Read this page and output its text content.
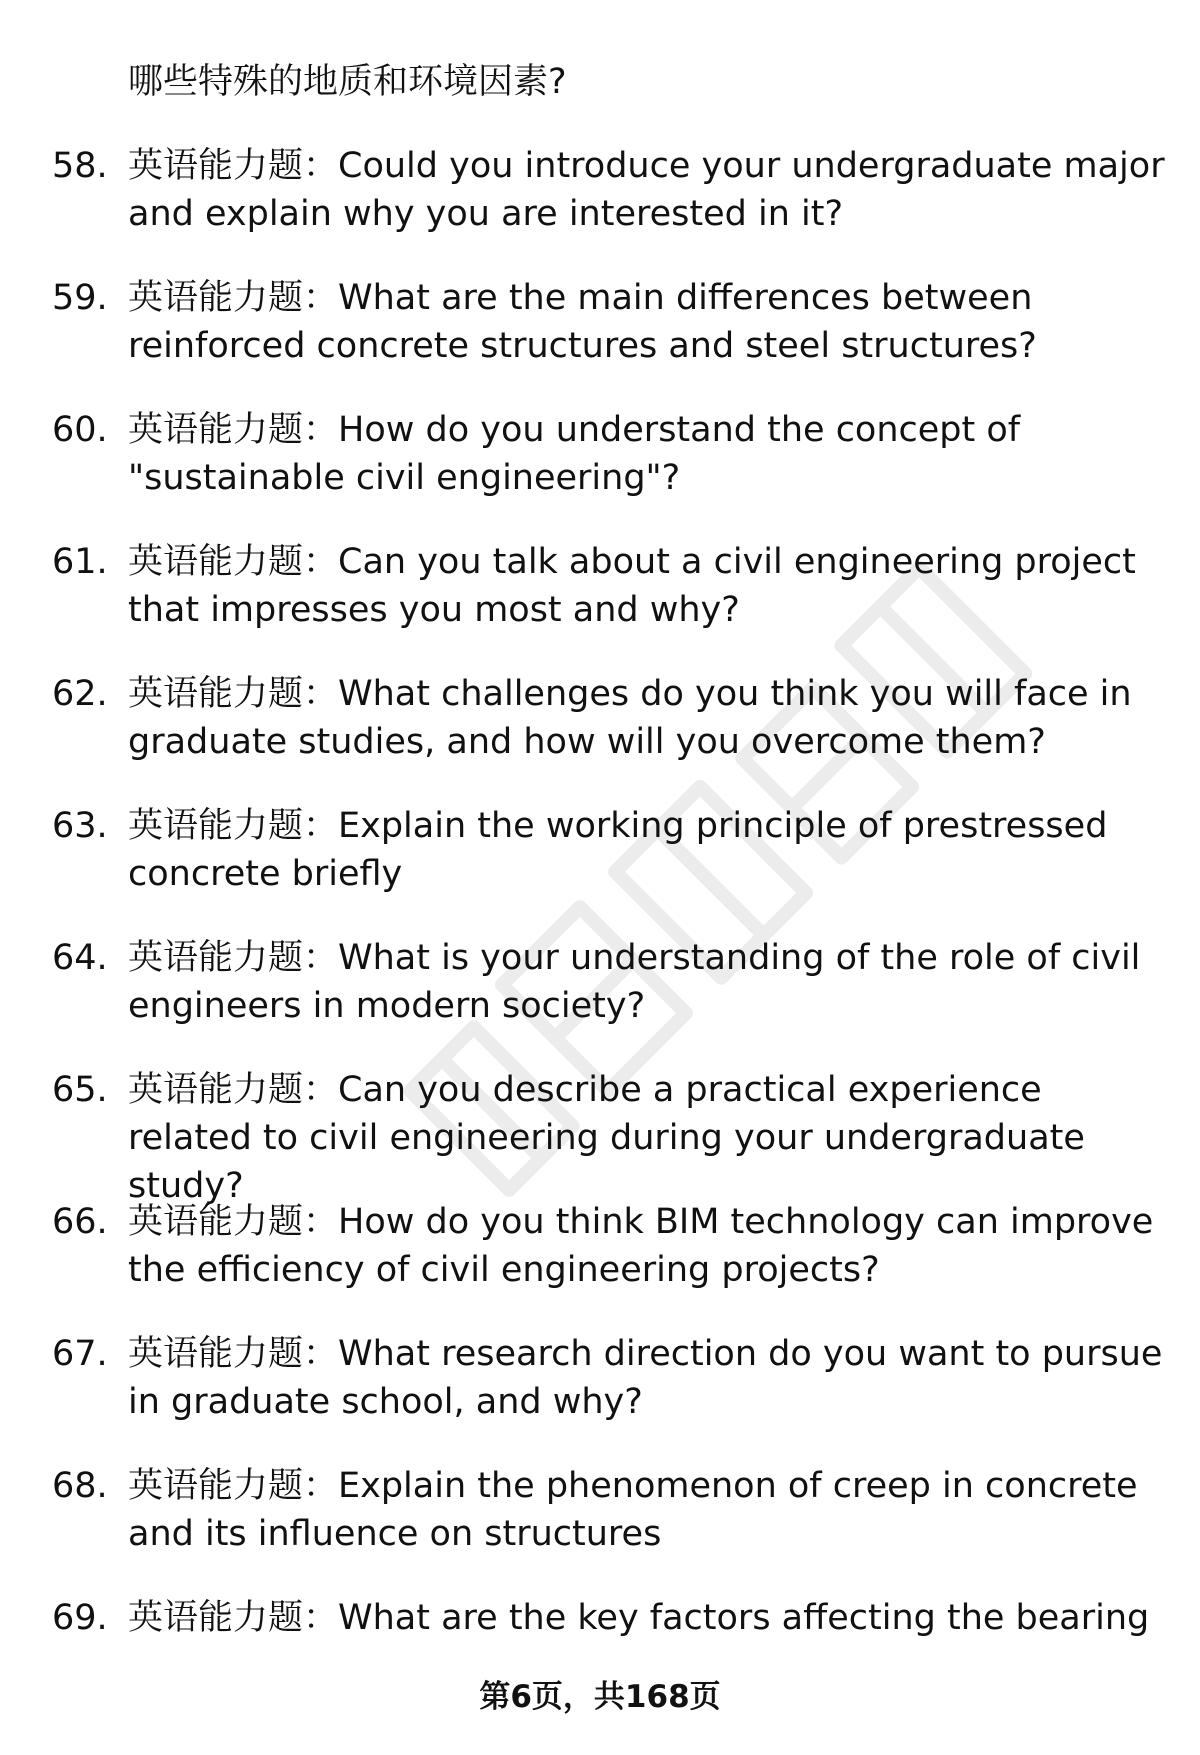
哪些特殊的地质和环境因素?
58. 英语能力题：Could you introduce your undergraduate major and explain why you are interested in it?
59. 英语能力题：What are the main differences between reinforced concrete structures and steel structures?
60. 英语能力题：How do you understand the concept of "sustainable civil engineering"?
61. 英语能力题：Can you talk about a civil engineering project that impresses you most and why?
62. 英语能力题：What challenges do you think you will face in graduate studies, and how will you overcome them?
63. 英语能力题：Explain the working principle of prestressed concrete briefly
64. 英语能力题：What is your understanding of the role of civil engineers in modern society?
65. 英语能力题：Can you describe a practical experience related to civil engineering during your undergraduate study?
66. 英语能力题：How do you think BIM technology can improve the efficiency of civil engineering projects?
67. 英语能力题：What research direction do you want to pursue in graduate school, and why?
68. 英语能力题：Explain the phenomenon of creep in concrete and its influence on structures
69. 英语能力题：What are the key factors affecting the bearing
第6页，共168页
